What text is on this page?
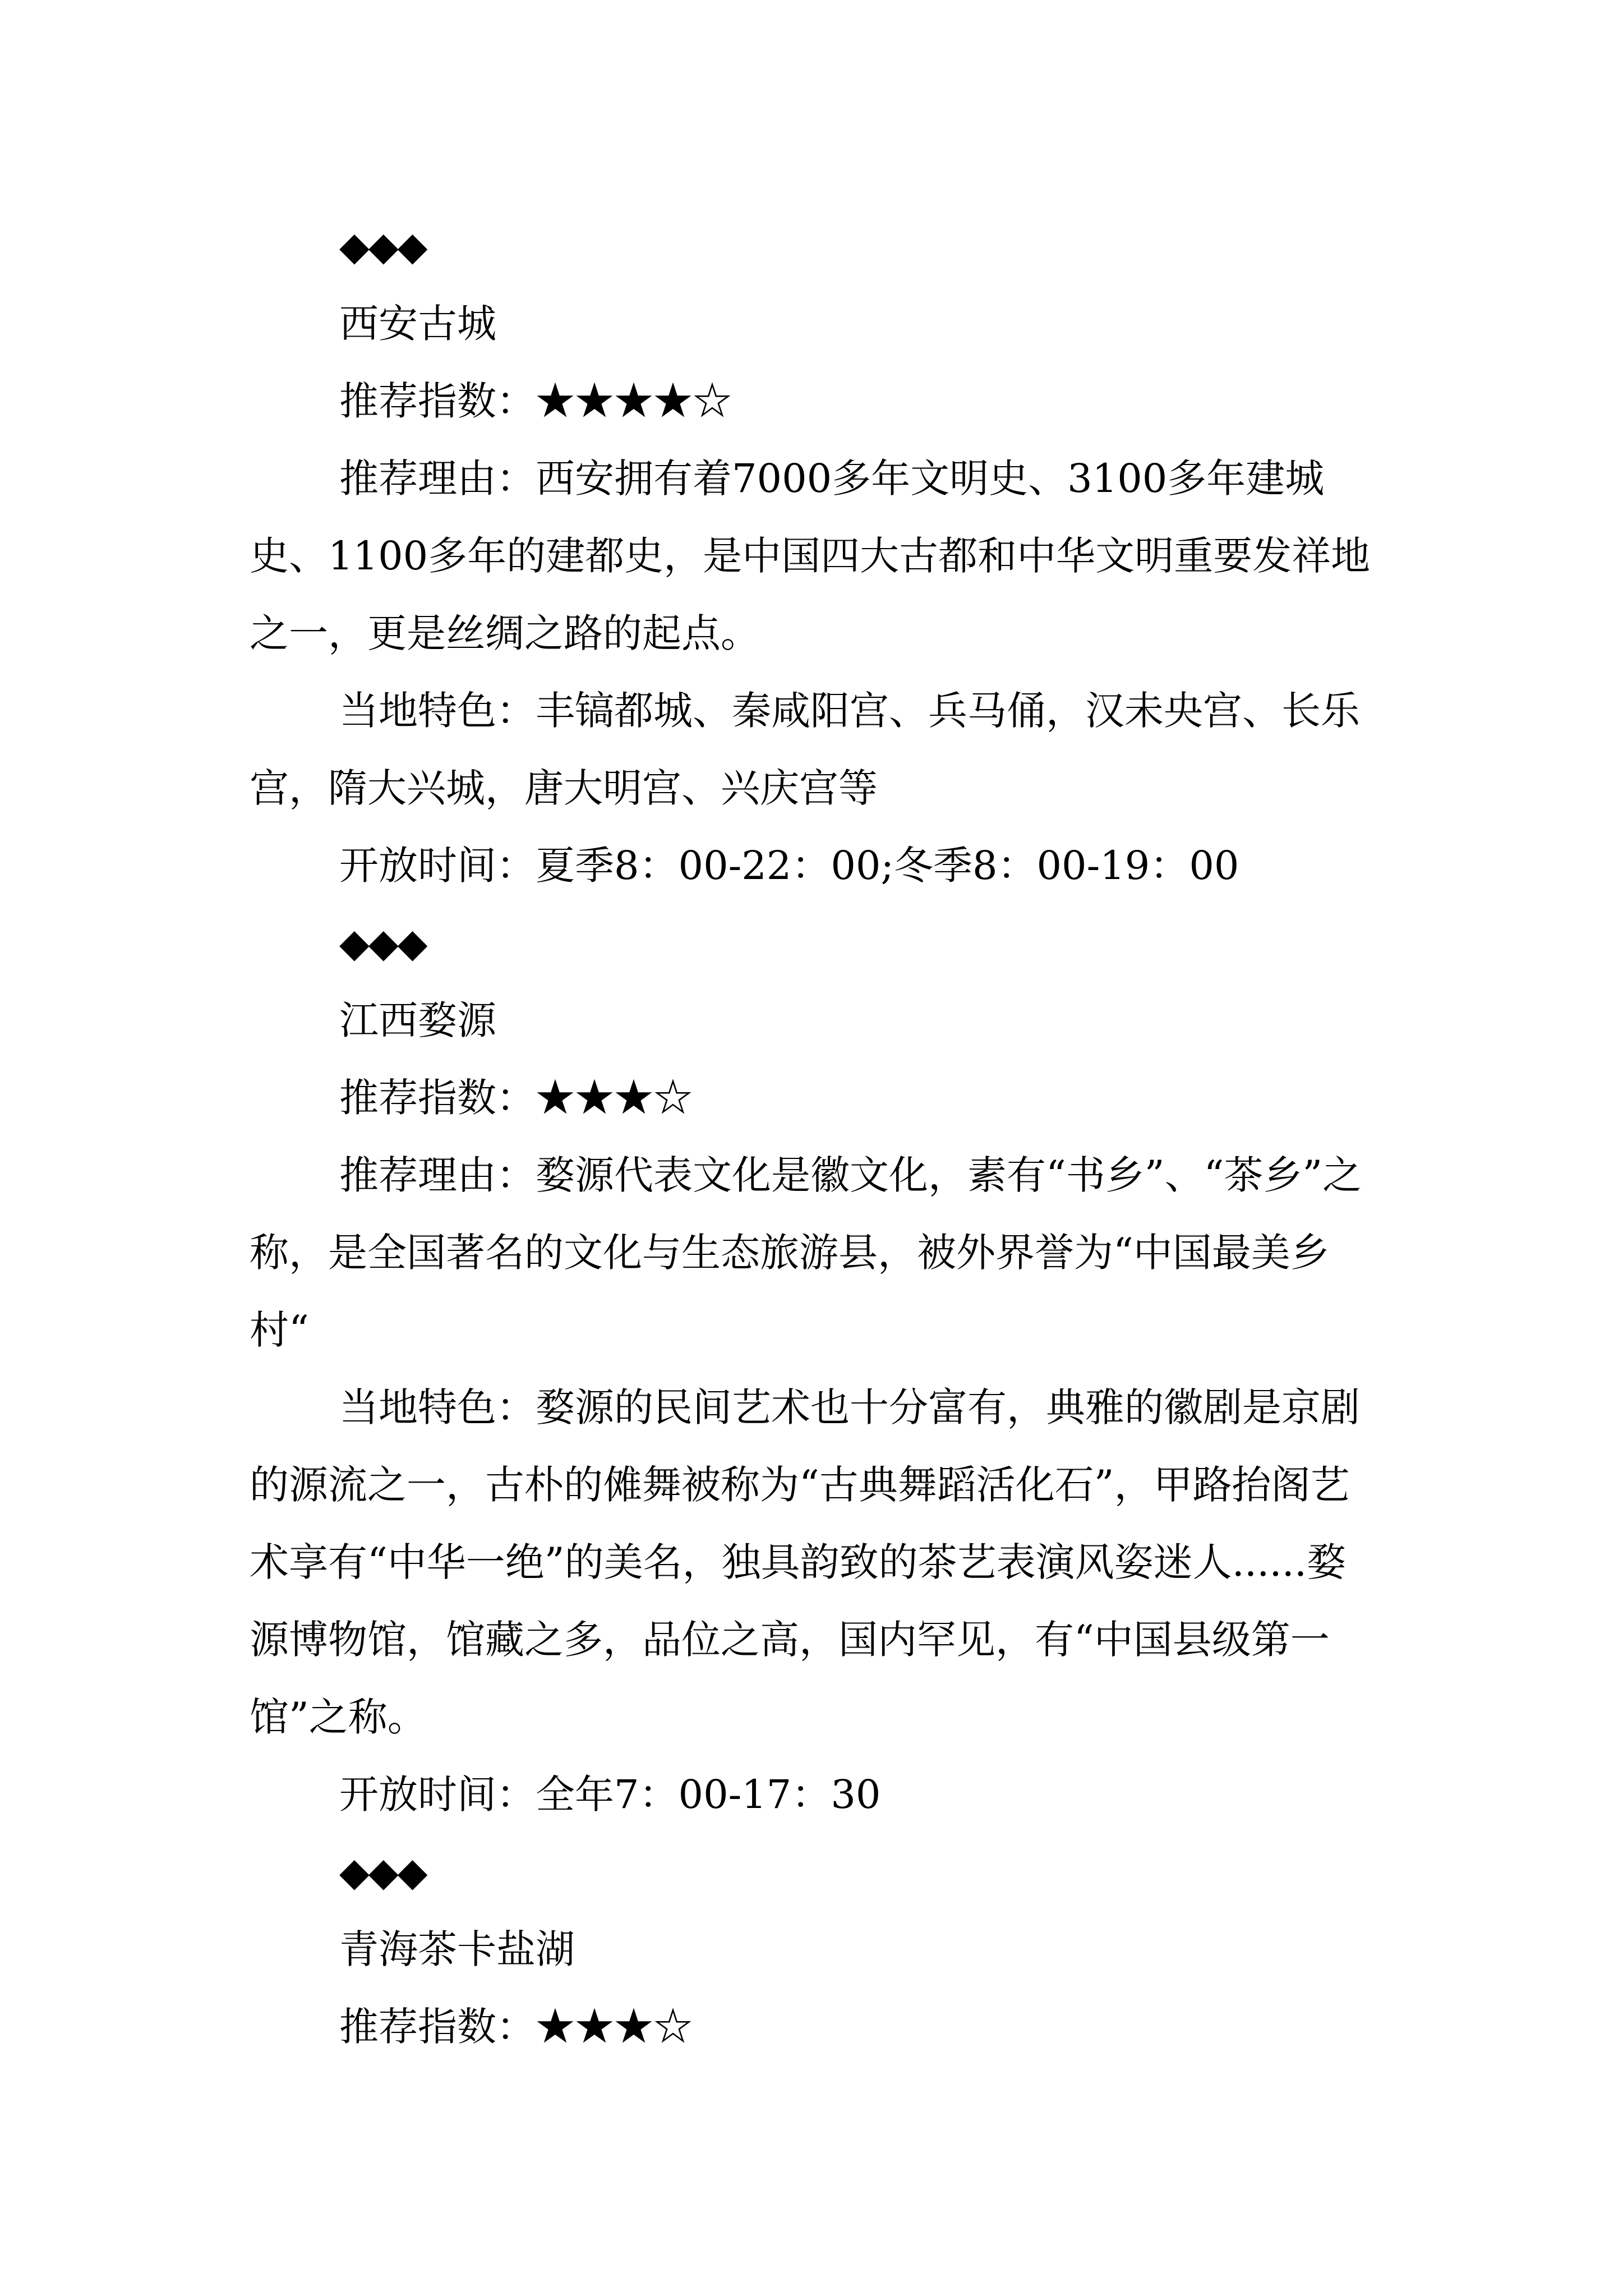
◆◆◆

西安古城

推荐指数：★★★★☆

推荐理由：西安拥有着7000多年文明史、3100多年建城史、1100多年的建都史，是中国四大古都和中华文明重要发祥地之一，更是丝绸之路的起点。

当地特色：丰镐都城、秦咸阳宫、兵马俑，汉未央宫、长乐宫，隋大兴城，唐大明宫、兴庆宫等

开放时间：夏季8：00-22：00;冬季8：00-19：00

◆◆◆

江西婺源

推荐指数：★★★☆

推荐理由：婺源代表文化是徽文化，素有“书乡”、“茶乡”之称，是全国著名的文化与生态旅游县，被外界誉为“中国最美乡村“

当地特色：婺源的民间艺术也十分富有，典雅的徽剧是京剧的源流之一，古朴的傩舞被称为“古典舞蹈活化石”，甲路抬阁艺术享有“中华一绝”的美名，独具韵致的茶艺表演风姿迷人......婺源博物馆，馆藏之多，品位之高，国内罕见，有“中国县级第一馆”之称。

开放时间：全年7：00-17：30

◆◆◆

青海茶卡盐湖

推荐指数：★★★☆
